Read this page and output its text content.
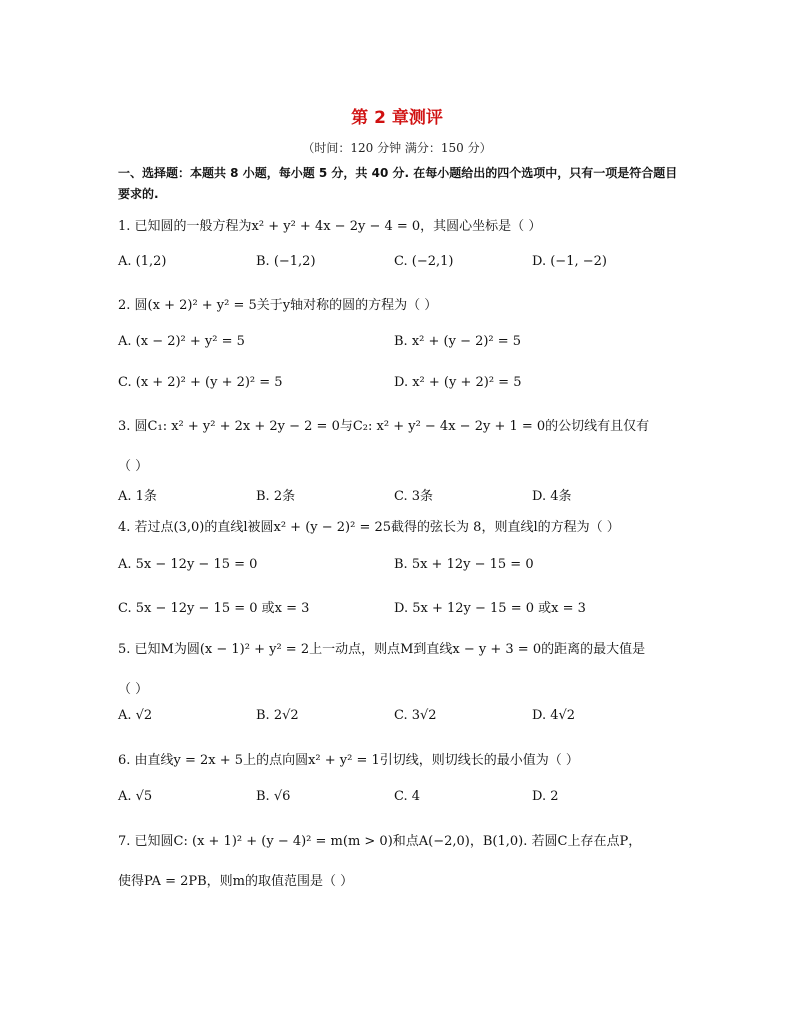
第 2 章测评
（时间：120 分钟 满分：150 分）
一、选择题：本题共 8 小题，每小题 5 分，共 40 分. 在每小题给出的四个选项中，只有一项是符合题目要求的.
1. 已知圆的一般方程为x² + y² + 4x − 2y − 4 = 0，其圆心坐标是（ ）
A. (1,2)	B. (−1,2)	C. (−2,1)	D. (−1, −2)
2. 圆(x + 2)² + y² = 5关于y轴对称的圆的方程为（ ）
A. (x − 2)² + y² = 5	B. x² + (y − 2)² = 5
C. (x + 2)² + (y + 2)² = 5	D. x² + (y + 2)² = 5
3. 圆C₁: x² + y² + 2x + 2y − 2 = 0与C₂: x² + y² − 4x − 2y + 1 = 0的公切线有且仅有
（ ）
A. 1条	B. 2条	C. 3条	D. 4条
4. 若过点(3,0)的直线l被圆x² + (y − 2)² = 25截得的弦长为 8，则直线l的方程为（ ）
A. 5x − 12y − 15 = 0	B. 5x + 12y − 15 = 0
C. 5x − 12y − 15 = 0 或x = 3	D. 5x + 12y − 15 = 0 或x = 3
5. 已知M为圆(x − 1)² + y² = 2上一动点，则点M到直线x − y + 3 = 0的距离的最大值是
（ ）
A. √2	B. 2√2	C. 3√2	D. 4√2
6. 由直线y = 2x + 5上的点向圆x² + y² = 1引切线，则切线长的最小值为（ ）
A. √5	B. √6	C. 4	D. 2
7. 已知圆C: (x + 1)² + (y − 4)² = m(m > 0)和点A(−2,0)，B(1,0). 若圆C上存在点P，
使得PA = 2PB，则m的取值范围是（ ）
